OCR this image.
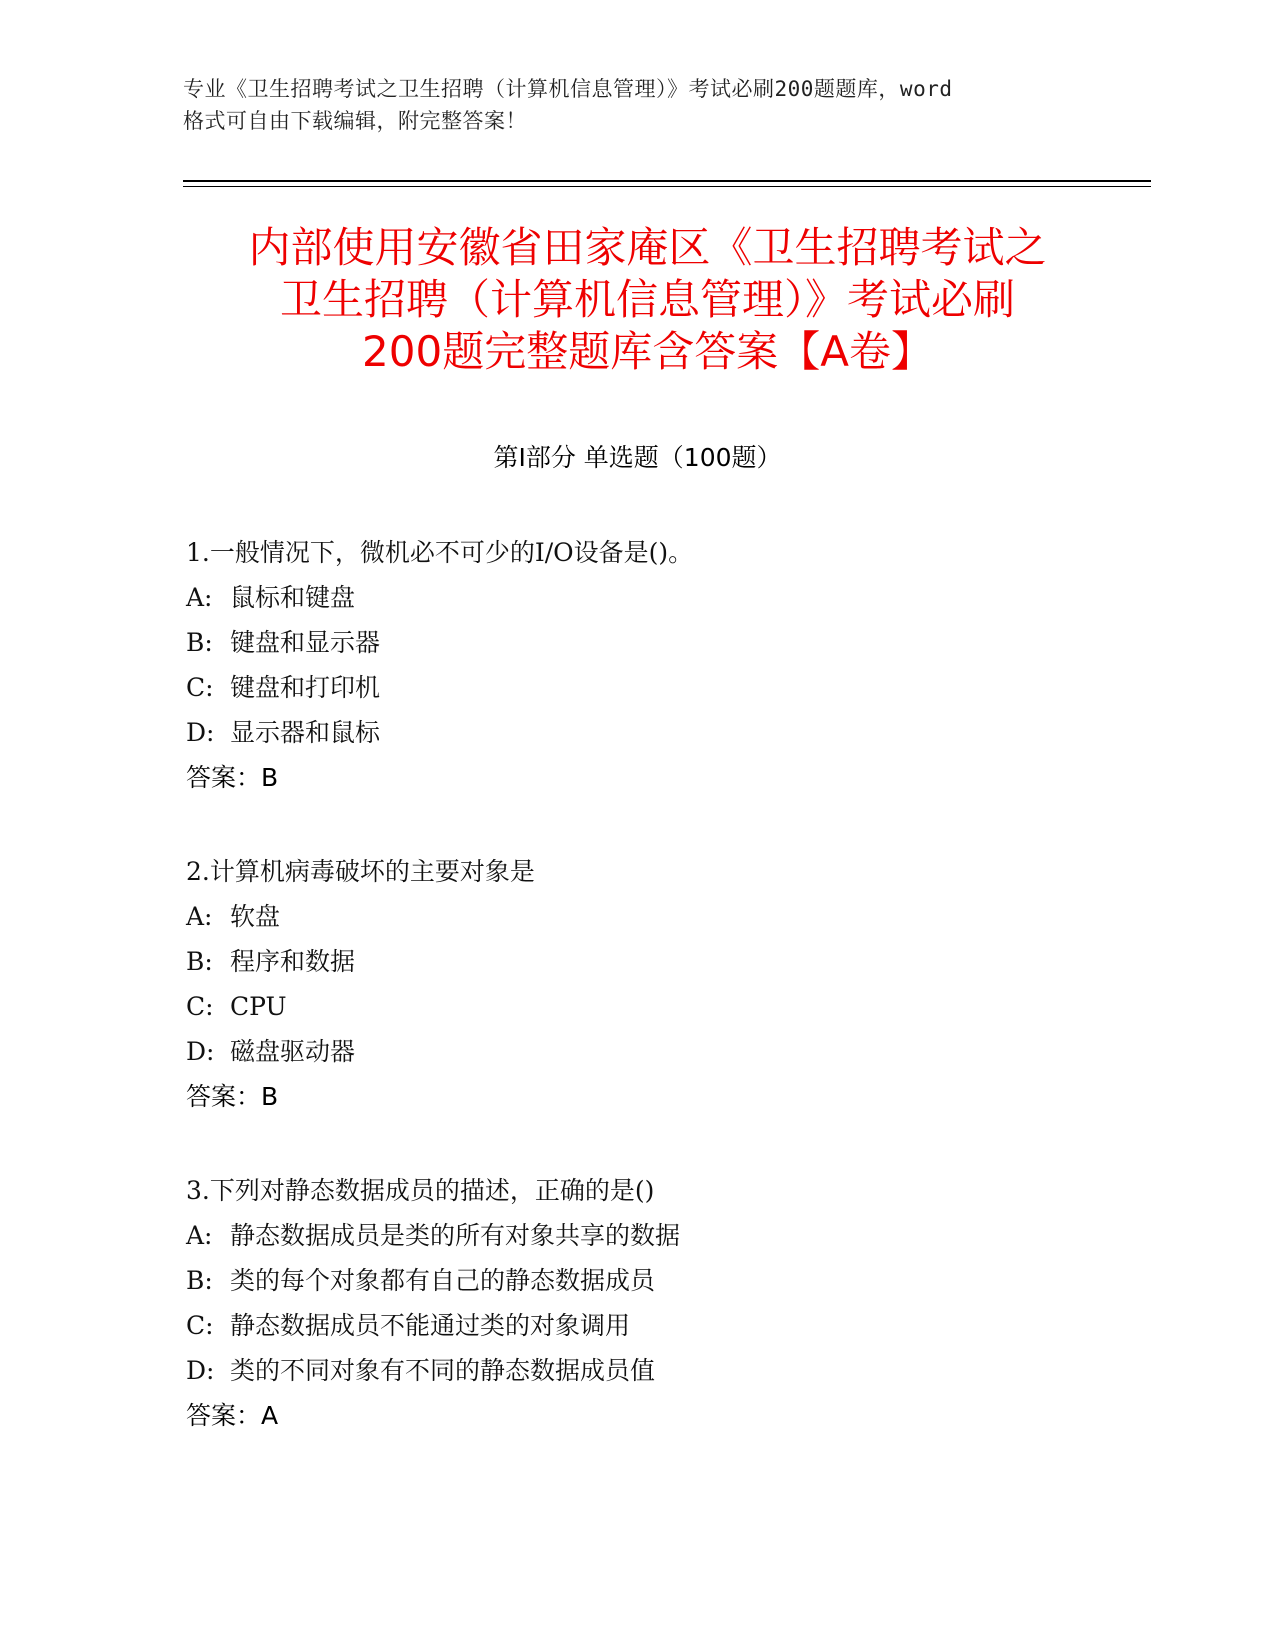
专业《卫生招聘考试之卫生招聘（计算机信息管理）》考试必刷200题题库，word
格式可自由下载编辑，附完整答案！
内部使用安徽省田家庵区《卫生招聘考试之
卫生招聘（计算机信息管理）》考试必刷
200题完整题库含答案【A卷】
第I部分 单选题（100题）
1.一般情况下，微机必不可少的I/O设备是()。
A: 鼠标和键盘
B: 键盘和显示器
C: 键盘和打印机
D: 显示器和鼠标
答案：B
2.计算机病毒破坏的主要对象是
A: 软盘
B: 程序和数据
C: CPU
D: 磁盘驱动器
答案：B
3.下列对静态数据成员的描述，正确的是()
A: 静态数据成员是类的所有对象共享的数据
B: 类的每个对象都有自己的静态数据成员
C: 静态数据成员不能通过类的对象调用
D: 类的不同对象有不同的静态数据成员值
答案：A
